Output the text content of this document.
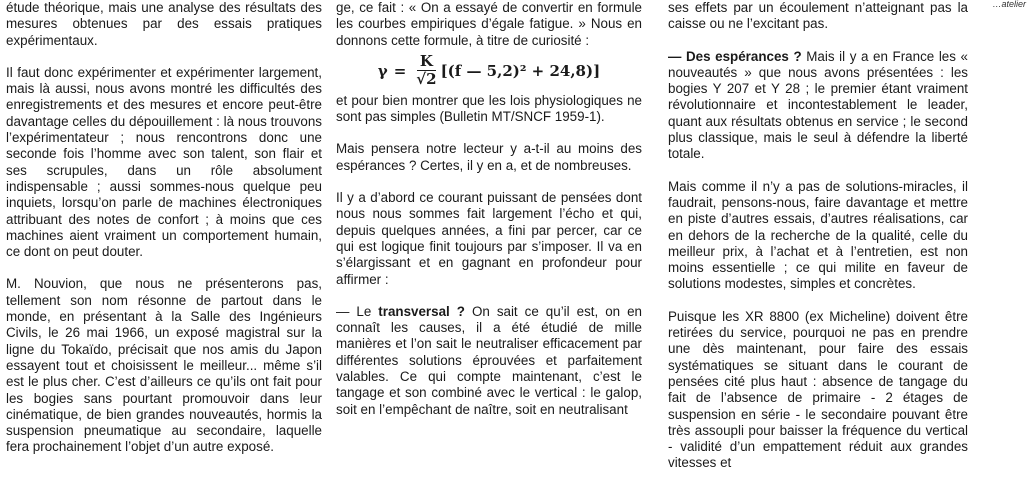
…atelier

étude théorique, mais une analyse des résultats des mesures obtenues par des essais pratiques expérimentaux.

Il faut donc expérimenter et expérimenter largement, mais là aussi, nous avons montré les difficultés des enregistrements et des mesures et encore peut-être davantage celles du dépouillement : là nous trouvons l’expérimentateur ; nous rencontrons donc une seconde fois l’homme avec son talent, son flair et ses scrupules, dans un rôle absolument indispensable ; aussi sommes-nous quelque peu inquiets, lorsqu’on parle de machines électroniques attribuant des notes de confort ; à moins que ces machines aient vraiment un comportement humain, ce dont on peut douter.

M. Nouvion, que nous ne présenterons pas, tellement son nom résonne de partout dans le monde, en présentant à la Salle des Ingénieurs Civils, le 26 mai 1966, un exposé magistral sur la ligne du Tokaïdo, précisait que nos amis du Japon essayent tout et choisissent le meilleur... même s’il est le plus cher. C’est d’ailleurs ce qu’ils ont fait pour les bogies sans pourtant promouvoir dans leur cinématique, de bien grandes nouveautés, hormis la suspension pneumatique au secondaire, laquelle fera prochainement l’objet d’un autre exposé.

ge, ce fait : « On a essayé de convertir en formule les courbes empiriques d’égale fatigue. » Nous en donnons cette formule, à titre de curiosité :

$\gamma = \frac{K}{√2} [(f$ — 5,2)² + 24,8)]

et pour bien montrer que les lois physiologiques ne sont pas simples (Bulletin MT/SNCF 1959-1).

Mais pensera notre lecteur y a-t-il au moins des espérances ? Certes, il y en a, et de nombreuses.

Il y a d’abord ce courant puissant de pensées dont nous nous sommes fait largement l’écho et qui, depuis quelques années, a fini par percer, car ce qui est logique finit toujours par s’imposer. Il va en s’élargissant et en gagnant en profondeur pour affirmer :

— Le transversal ? On sait ce qu’il est, on en connaît les causes, il a été étudié de mille manières et l’on sait le neutraliser efficacement par différentes solutions éprouvées et parfaitement valables. Ce qui compte maintenant, c’est le tangage et son combiné avec le vertical : le galop, soit en l’empêchant de naître, soit en neutralisant

ses effets par un écoulement n’atteignant pas la caisse ou ne l’excitant pas.

— Des espérances ? Mais il y a en France les « nouveautés » que nous avons présentées : les bogies Y 207 et Y 28 ; le premier étant vraiment révolutionnaire et incontestablement le leader, quant aux résultats obtenus en service ; le second plus classique, mais le seul à défendre la liberté totale.

Mais comme il n’y a pas de solutions-miracles, il faudrait, pensons-nous, faire davantage et mettre en piste d’autres essais, d’autres réalisations, car en dehors de la recherche de la qualité, celle du meilleur prix, à l’achat et à l’entretien, est non moins essentielle ; ce qui milite en faveur de solutions modestes, simples et concrètes.

Puisque les XR 8800 (ex Micheline) doivent être retirées du service, pourquoi ne pas en prendre une dès maintenant, pour faire des essais systématiques se situant dans le courant de pensées cité plus haut : absence de tangage du fait de l’absence de primaire - 2 étages de suspension en série - le secondaire pouvant être très assoupli pour baisser la fréquence du vertical - validité d’un empattement réduit aux grandes vitesses et
